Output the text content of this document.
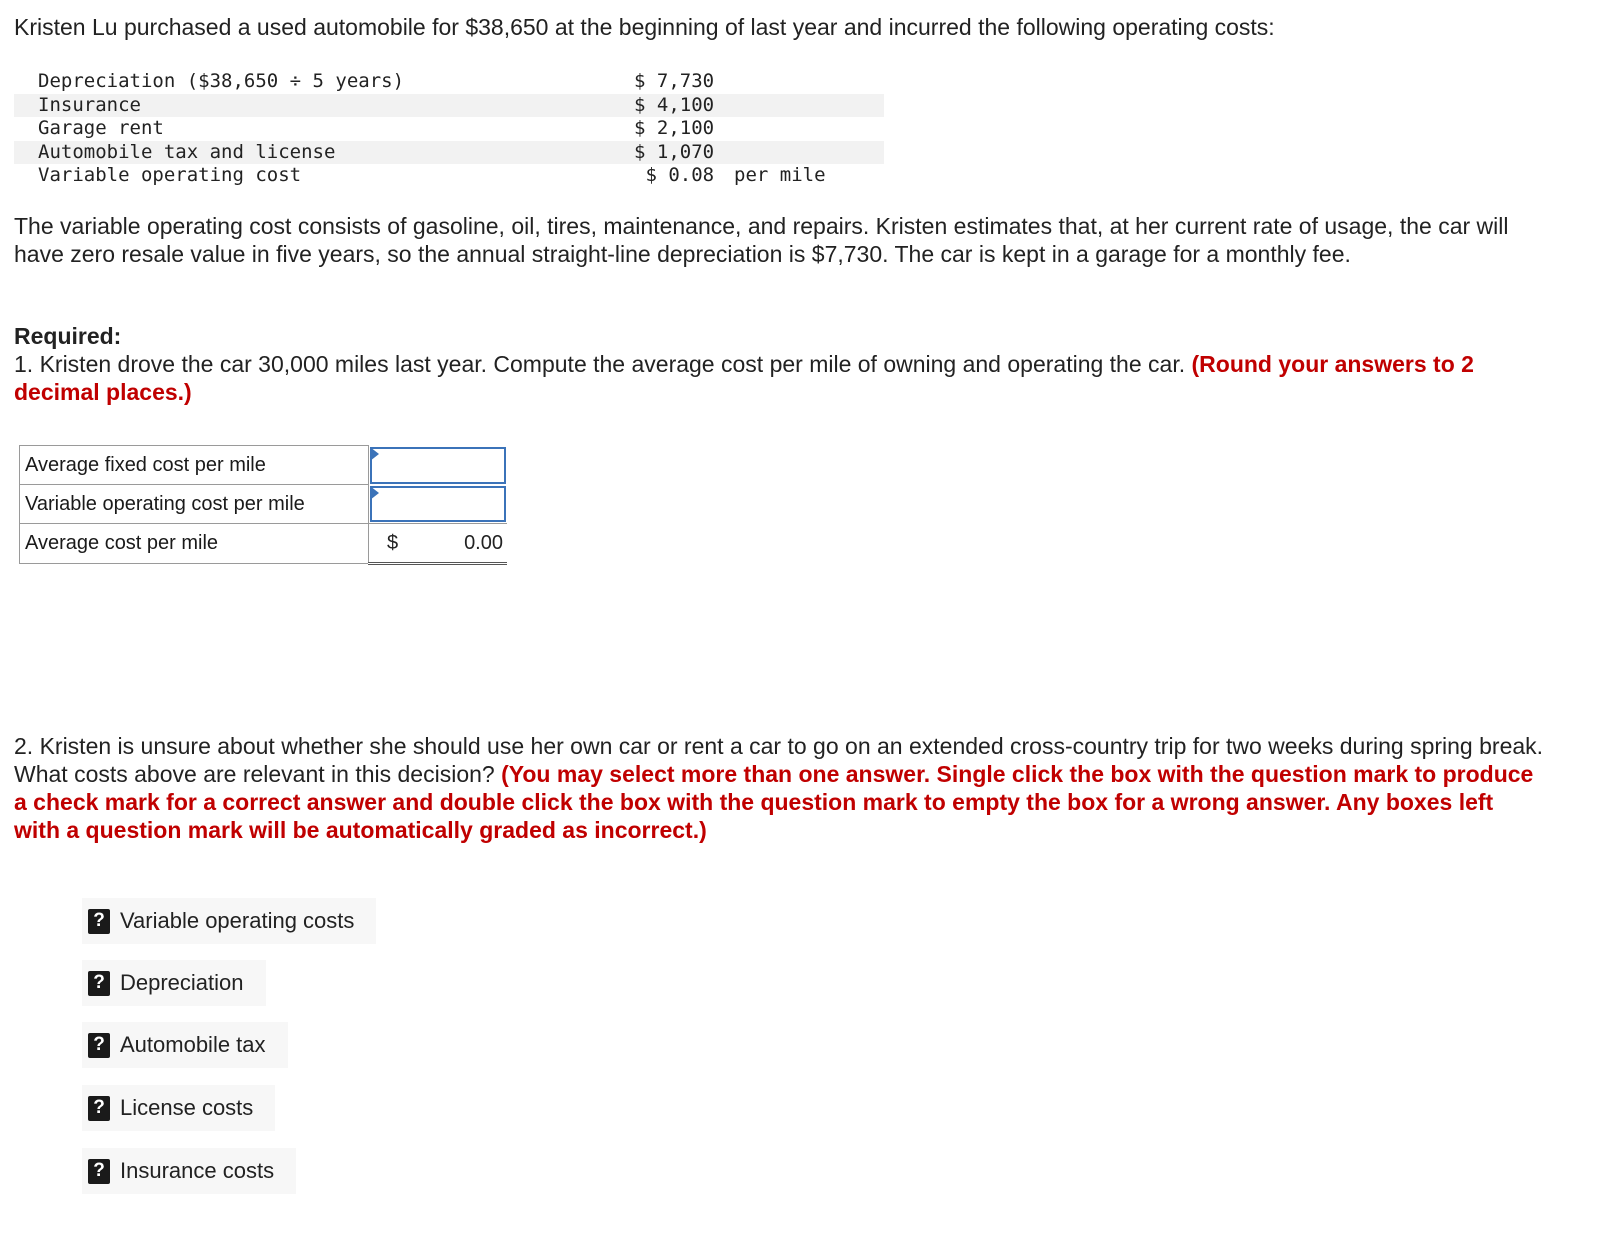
Kristen Lu purchased a used automobile for $38,650 at the beginning of last year and incurred the following operating costs:

Depreciation ($38,650 ÷ 5 years)	$ 7,730	
Insurance	$ 4,100	
Garage rent	$ 2,100	
Automobile tax and license	$ 1,070	
Variable operating cost	$ 0.08	per mile

The variable operating cost consists of gasoline, oil, tires, maintenance, and repairs. Kristen estimates that, at her current rate of usage, the car will have zero resale value in five years, so the annual straight-line depreciation is $7,730. The car is kept in a garage for a monthly fee.

Required:

1. Kristen drove the car 30,000 miles last year. Compute the average cost per mile of owning and operating the car. (Round your answers to 2 decimal places.)

Average fixed cost per mile	

Variable operating cost per mile	

Average cost per mile	$ 0.00

2. Kristen is unsure about whether she should use her own car or rent a car to go on an extended cross-country trip for two weeks during spring break. What costs above are relevant in this decision? (You may select more than one answer. Single click the box with the question mark to produce a check mark for a correct answer and double click the box with the question mark to empty the box for a wrong answer. Any boxes left with a question mark will be automatically graded as incorrect.)

? Variable operating costs
? Depreciation
? Automobile tax
? License costs
? Insurance costs
